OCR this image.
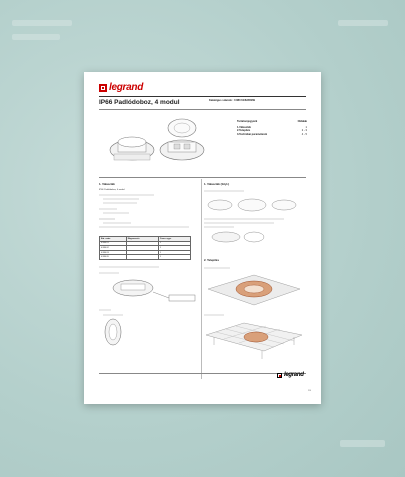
legrand
IP66 Padlódoboz, 4 modul	Katalógus számok : 0 880 61/62/63/69
Tartalomjegyzék	Oldalak
1.Választék	1
2.Telepítés	2 - 3
3.Technikai paraméterek	4 - 5
1. Választék
IP66 Padlódoboz, 4 modul
Kat. szám	Megnevezés	Csom. egys.
0 880 61		1
0 880 62		1
0 880 63		1
0 880 69		1
1. Választék (folyt.)
2. Telepítés
legrand
1/5
